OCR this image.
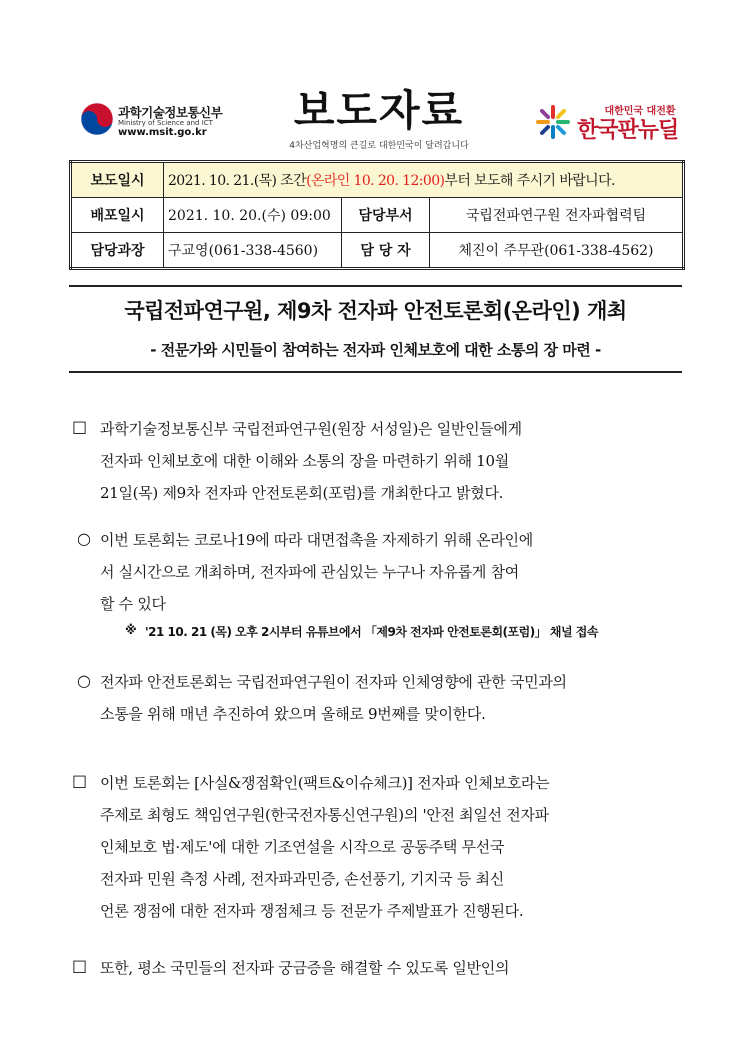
과학기술정보통신부
Ministry of Science and ICT
www.msit.go.kr	보도자료
4차산업혁명의 큰길로 대한민국이 달려갑니다
대한민국 대전환
한국판뉴딜
보도일시	2021. 10. 21.(목) 조간(온라인 10. 20. 12:00)부터 보도해 주시기 바랍니다.		
배포일시	2021. 10. 20.(수) 09:00	담당부서	국립전파연구원 전자파협력팀
담당과장	구교영(061-338-4560)	담 당 자	체진이 주무관(061-338-4562)
국립전파연구원, 제9차 전자파 안전토론회(온라인) 개최
- 전문가와 시민들이 참여하는 전자파 인체보호에 대한 소통의 장 마련 -
□ 과학기술정보통신부 국립전파연구원(원장 서성일)은 일반인들에게
전자파 인체보호에 대한 이해와 소통의 장을 마련하기 위해 10월
21일(목) 제9차 전자파 안전토론회(포럼)를 개최한다고 밝혔다.
○ 이번 토론회는 코로나19에 따라 대면접촉을 자제하기 위해 온라인에
서 실시간으로 개최하며, 전자파에 관심있는 누구나 자유롭게 참여
할 수 있다
※ '21 10. 21 (목) 오후 2시부터 유튜브에서 「제9차 전자파 안전토론회(포럼)」 채널 접속
○ 전자파 안전토론회는 국립전파연구원이 전자파 인체영향에 관한 국민과의
소통을 위해 매년 추진하여 왔으며 올해로 9번째를 맞이한다.
□ 이번 토론회는 [사실&쟁점확인(팩트&이슈체크)] 전자파 인체보호라는
주제로 최형도 책임연구원(한국전자통신연구원)의 '안전 최일선 전자파
인체보호 법·제도'에 대한 기조연설을 시작으로 공동주택 무선국
전자파 민원 측정 사례, 전자파과민증, 손선풍기, 기지국 등 최신
언론 쟁점에 대한 전자파 쟁점체크 등 전문가 주제발표가 진행된다.
□ 또한, 평소 국민들의 전자파 궁금증을 해결할 수 있도록 일반인의
